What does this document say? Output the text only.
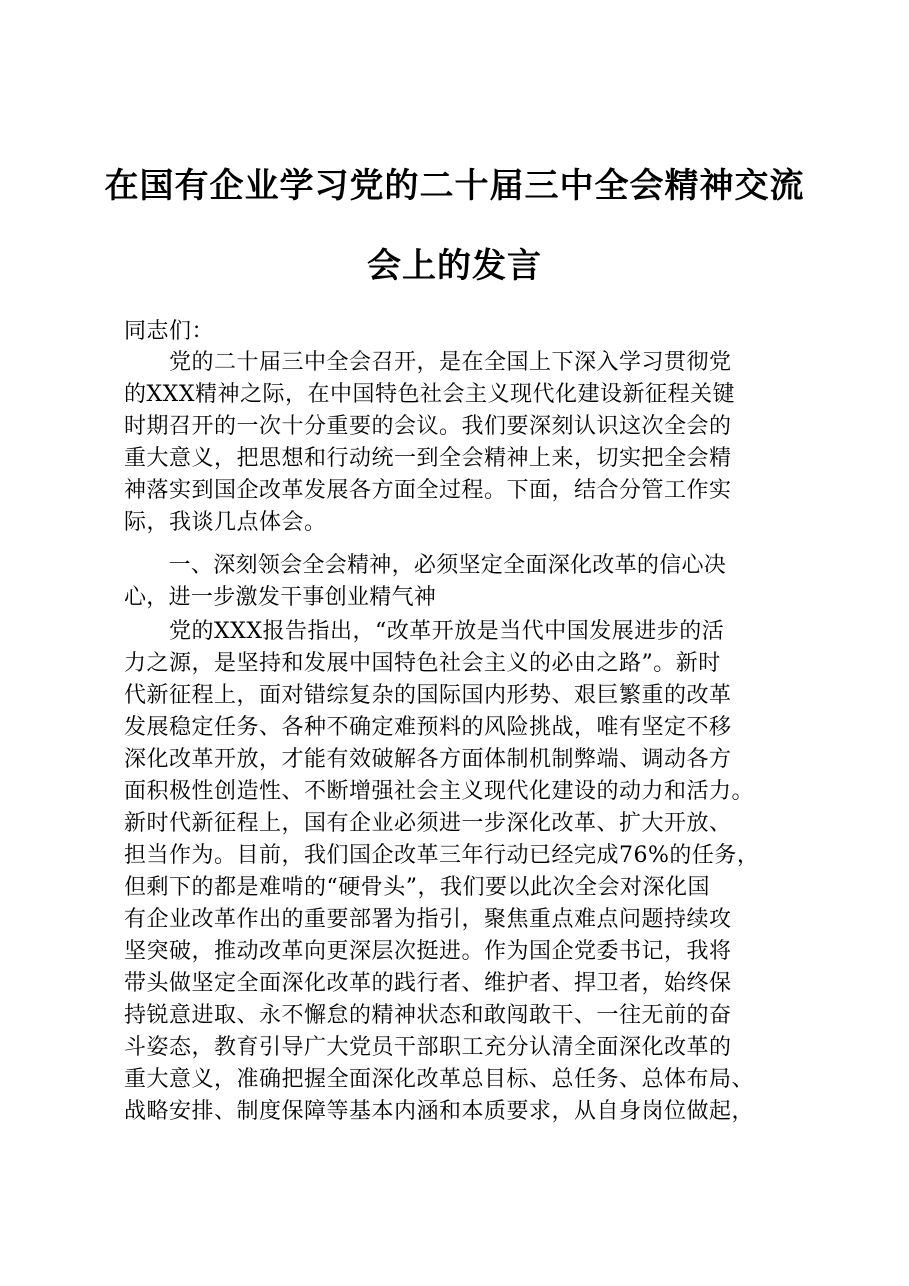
在国有企业学习党的二十届三中全会精神交流
会上的发言

同志们：

　　党的二十届三中全会召开，是在全国上下深入学习贯彻党
的XXX精神之际，在中国特色社会主义现代化建设新征程关键
时期召开的一次十分重要的会议。我们要深刻认识这次全会的
重大意义，把思想和行动统一到全会精神上来，切实把全会精
神落实到国企改革发展各方面全过程。下面，结合分管工作实
际，我谈几点体会。
　　一、深刻领会全会精神，必须坚定全面深化改革的信心决
心，进一步激发干事创业精气神
　　党的XXX报告指出，“改革开放是当代中国发展进步的活
力之源，是坚持和发展中国特色社会主义的必由之路”。新时
代新征程上，面对错综复杂的国际国内形势、艰巨繁重的改革
发展稳定任务、各种不确定难预料的风险挑战，唯有坚定不移
深化改革开放，才能有效破解各方面体制机制弊端、调动各方
面积极性创造性、不断增强社会主义现代化建设的动力和活力。
新时代新征程上，国有企业必须进一步深化改革、扩大开放、
担当作为。目前，我们国企改革三年行动已经完成76%的任务，
但剩下的都是难啃的“硬骨头”，我们要以此次全会对深化国
有企业改革作出的重要部署为指引，聚焦重点难点问题持续攻
坚突破，推动改革向更深层次挺进。作为国企党委书记，我将
带头做坚定全面深化改革的践行者、维护者、捍卫者，始终保
持锐意进取、永不懈怠的精神状态和敢闯敢干、一往无前的奋
斗姿态，教育引导广大党员干部职工充分认清全面深化改革的
重大意义，准确把握全面深化改革总目标、总任务、总体布局、
战略安排、制度保障等基本内涵和本质要求，从自身岗位做起，
